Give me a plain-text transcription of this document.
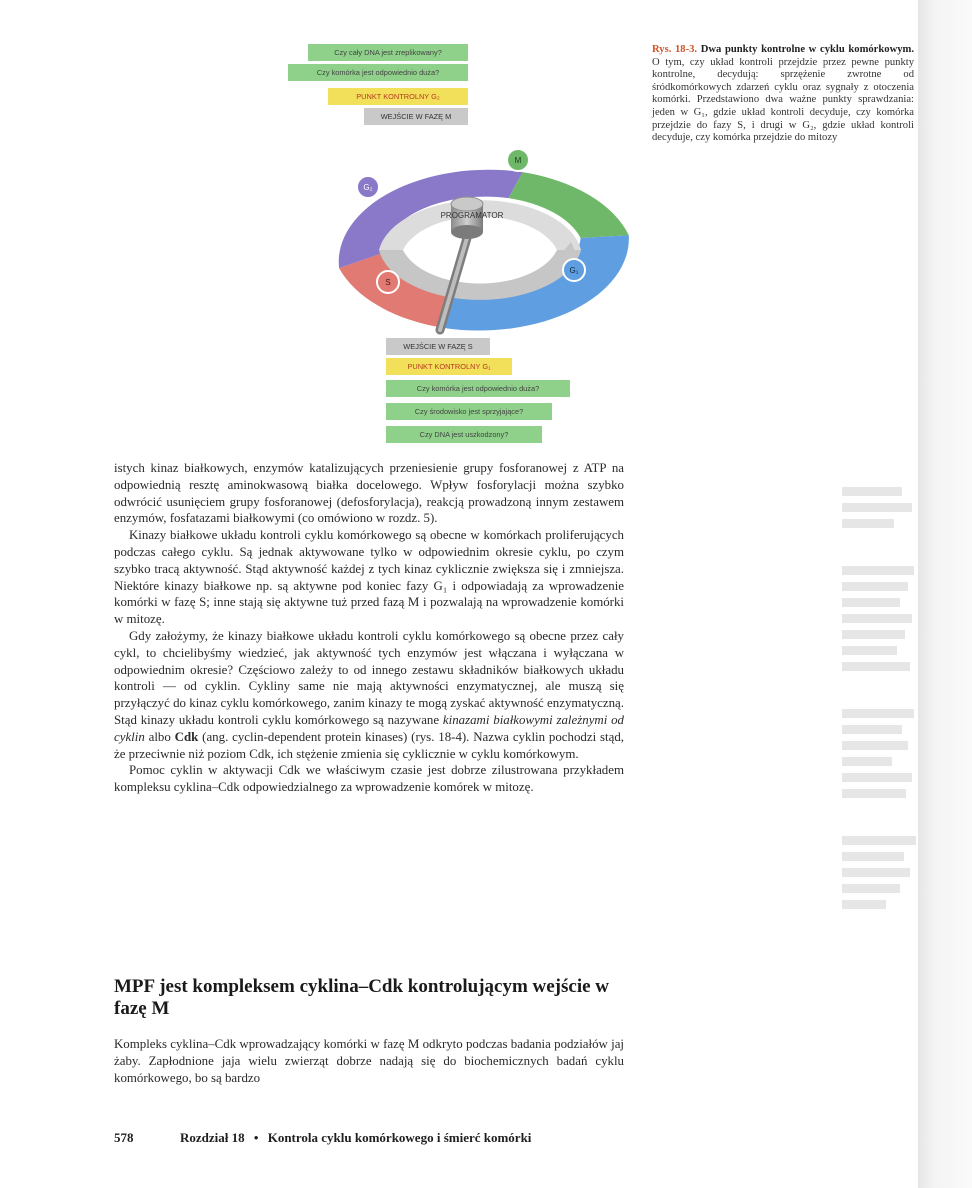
Czy cały DNA jest zreplikowany?
Czy komórka jest odpowiednio duża?
PUNKT KONTROLNY G₂
WEJŚCIE W FAZĘ M
PROGRAMATOR
M
G₂
S
G₁
WEJŚCIE W FAZĘ S
PUNKT KONTROLNY G₁
Czy komórka jest odpowiednio duża?
Czy środowisko jest sprzyjające?
Czy DNA jest uszkodzony?
Rys. 18-3. Dwa punkty kontrolne w cyklu komórkowym. O tym, czy układ kontroli przejdzie przez pewne punkty kontrolne, decydują: sprzężenie zwrotne od śródkomórkowych zdarzeń cyklu oraz sygnały z otoczenia komórki. Przedstawiono dwa ważne punkty sprawdzania: jeden w G₁, gdzie układ kontroli decyduje, czy komórka przejdzie do fazy S, i drugi w G₂, gdzie układ kontroli decyduje, czy komórka przejdzie do mitozy

istych kinaz białkowych, enzymów katalizujących przeniesienie grupy fosforanowej z ATP na odpowiednią resztę aminokwasową białka docelowego. Wpływ fosforylacji można szybko odwrócić usunięciem grupy fosforanowej (defosforylacja), reakcją prowadzoną innym zestawem enzymów, fosfatazami białkowymi (co omówiono w rozdz. 5).

Kinazy białkowe układu kontroli cyklu komórkowego są obecne w komórkach proliferujących podczas całego cyklu. Są jednak aktywowane tylko w odpowiednim okresie cyklu, po czym szybko tracą aktywność. Stąd aktywność każdej z tych kinaz cyklicznie zwiększa się i zmniejsza. Niektóre kinazy białkowe np. są aktywne pod koniec fazy G₁ i odpowiadają za wprowadzenie komórki w fazę S; inne stają się aktywne tuż przed fazą M i pozwalają na wprowadzenie komórki w mitozę.

Gdy założymy, że kinazy białkowe układu kontroli cyklu komórkowego są obecne przez cały cykl, to chcielibyśmy wiedzieć, jak aktywność tych enzymów jest włączana i wyłączana w odpowiednim okresie? Częściowo zależy to od innego zestawu składników białkowych układu kontroli — od cyklin. Cykliny same nie mają aktywności enzymatycznej, ale muszą się przyłączyć do kinaz cyklu komórkowego, zanim kinazy te mogą zyskać aktywność enzymatyczną. Stąd kinazy układu kontroli cyklu komórkowego są nazywane kinazami białkowymi zależnymi od cyklin albo Cdk (ang. cyclin-dependent protein kinases) (rys. 18-4). Nazwa cyklin pochodzi stąd, że przeciwnie niż poziom Cdk, ich stężenie zmienia się cyklicznie w cyklu komórkowym.

Pomoc cyklin w aktywacji Cdk we właściwym czasie jest dobrze zilustrowana przykładem kompleksu cyklina–Cdk odpowiedzialnego za wprowadzenie komórek w mitozę.

MPF jest kompleksem cyklina–Cdk kontrolującym wejście w fazę M

Kompleks cyklina–Cdk wprowadzający komórki w fazę M odkryto podczas badania podziałów jaj żaby. Zapłodnione jaja wielu zwierząt dobrze nadają się do biochemicznych badań cyklu komórkowego, bo są bardzo

578	Rozdział 18 • Kontrola cyklu komórkowego i śmierć komórki
